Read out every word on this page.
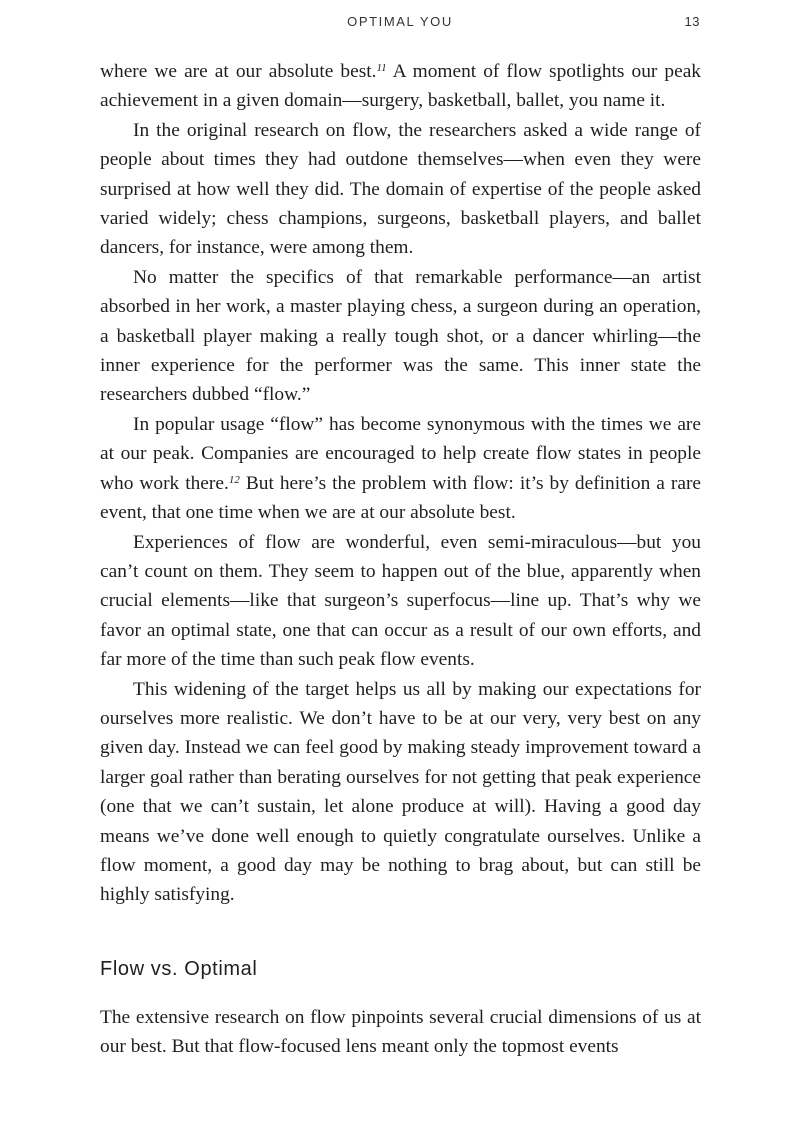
OPTIMAL YOU	13

where we are at our absolute best.$^{11}$ A moment of flow spotlights our peak achievement in a given domain—surgery, basketball, ballet, you name it.

In the original research on flow, the researchers asked a wide range of people about times they had outdone themselves—when even they were surprised at how well they did. The domain of expertise of the people asked varied widely; chess champions, surgeons, basketball players, and ballet dancers, for instance, were among them.

No matter the specifics of that remarkable performance—an artist absorbed in her work, a master playing chess, a surgeon during an operation, a basketball player making a really tough shot, or a dancer whirling—the inner experience for the performer was the same. This inner state the researchers dubbed “flow.”

In popular usage “flow” has become synonymous with the times we are at our peak. Companies are encouraged to help create flow states in people who work there.$^{12}$ But here’s the problem with flow: it’s by definition a rare event, that one time when we are at our absolute best.

Experiences of flow are wonderful, even semi-miraculous—but you can’t count on them. They seem to happen out of the blue, apparently when crucial elements—like that surgeon’s superfocus—line up. That’s why we favor an optimal state, one that can occur as a result of our own efforts, and far more of the time than such peak flow events.

This widening of the target helps us all by making our expectations for ourselves more realistic. We don’t have to be at our very, very best on any given day. Instead we can feel good by making steady improvement toward a larger goal rather than berating ourselves for not getting that peak experience (one that we can’t sustain, let alone produce at will). Having a good day means we’ve done well enough to quietly congratulate ourselves. Unlike a flow moment, a good day may be nothing to brag about, but can still be highly satisfying.

Flow vs. Optimal

The extensive research on flow pinpoints several crucial dimensions of us at our best. But that flow-focused lens meant only the topmost events
